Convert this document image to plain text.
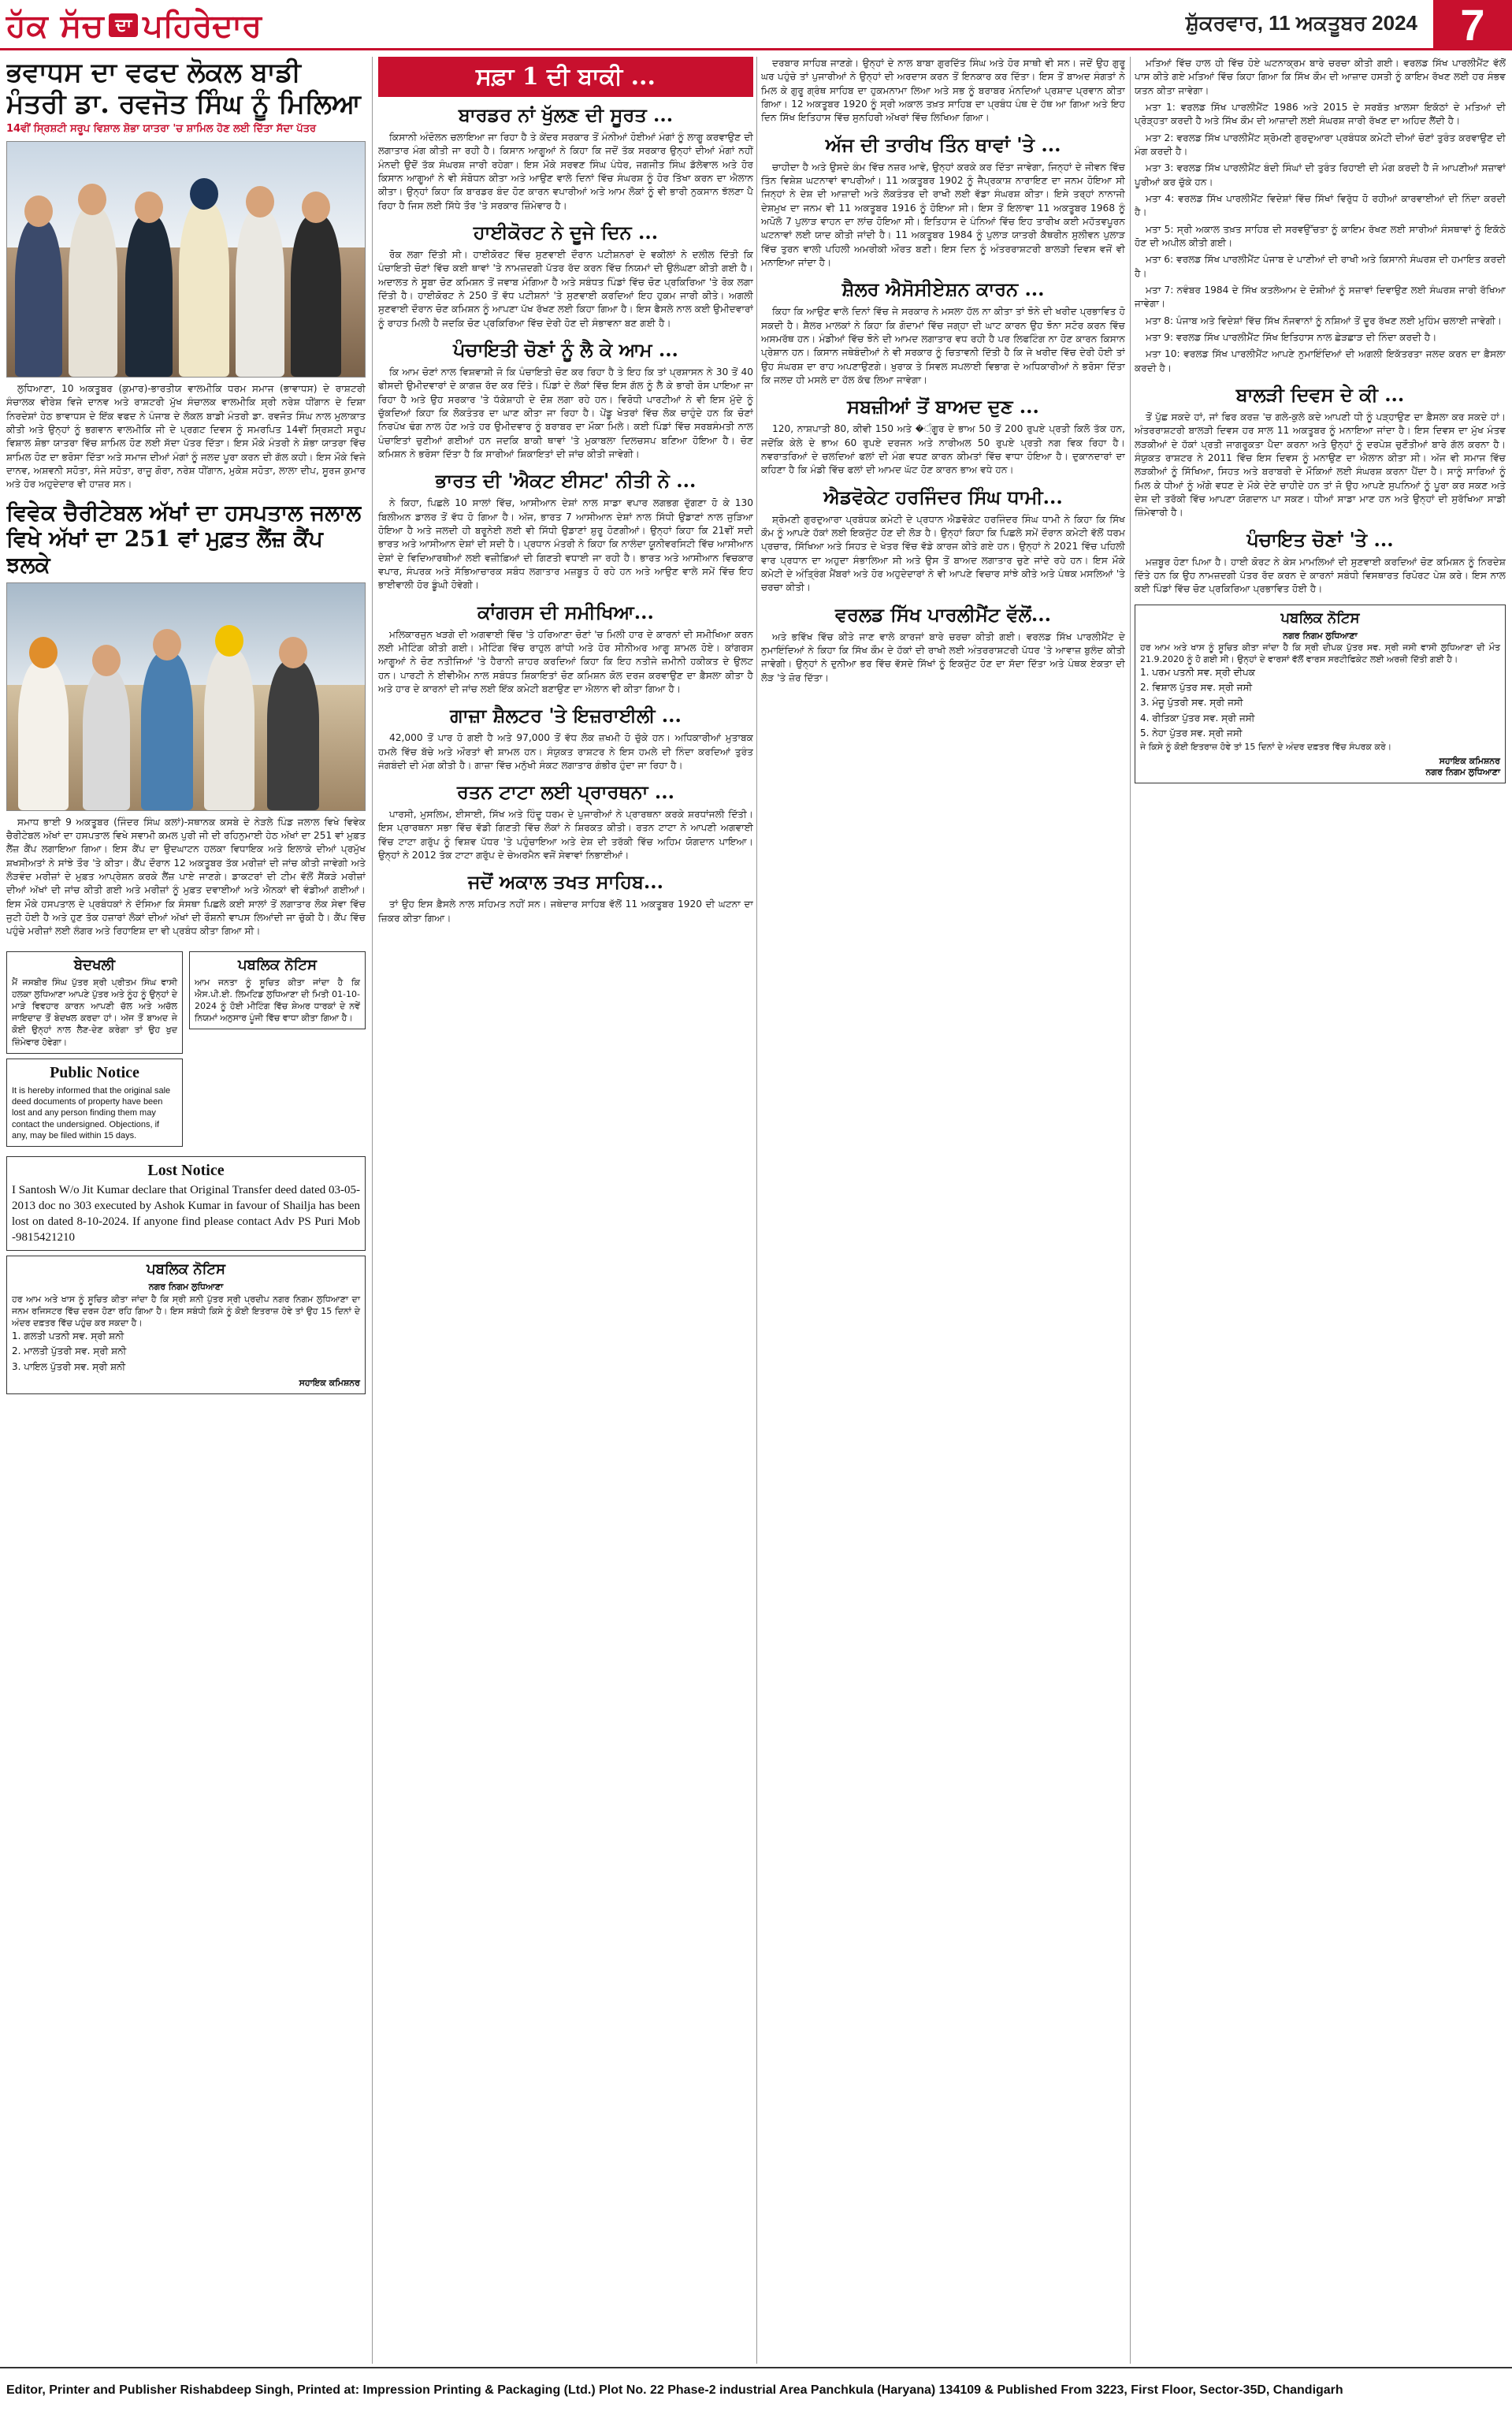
ਹੱਕ ਸੱਚ ਦਾ ਪਹਿਰੇਦਾਰ	ਸ਼ੁੱਕਰਵਾਰ, 11 ਅਕਤੂਬਰ 2024 7
ਭਵਾਧਸ ਦਾ ਵਫਦ ਲੋਕਲ ਬਾਡੀ
ਮੰਤਰੀ ਡਾ. ਰਵਜੋਤ ਸਿੰਘ ਨੂੰ ਮਿਲਿਆ
14ਵੀਂ ਸ੍ਰਿਸ਼ਟੀ ਸਰੂਪ ਵਿਸ਼ਾਲ ਸ਼ੋਭਾ ਯਾਤਰਾ 'ਚ ਸ਼ਾਮਿਲ ਹੋਣ ਲਈ ਦਿੱਤਾ ਸੱਦਾ ਪੱਤਰ

ਲੁਧਿਆਣਾ, 10 ਅਕਤੂਬਰ (ਕੁਮਾਰ)-ਭਾਰਤੀਯ ਵਾਲਮੀਕਿ ਧਰਮ ਸਮਾਜ (ਭਾਵਾਧਸ) ਦੇ ਰਾਸ਼ਟਰੀ ਸੰਚਾਲਕ ਵੀਰੇਸ਼ ਵਿਜੇ ਦਾਨਵ ਅਤੇ ਰਾਸ਼ਟਰੀ ਮੁੱਖ ਸੰਚਾਲਕ ਵਾਲਮੀਕਿ ਸ਼੍ਰੀ ਨਰੇਸ਼ ਧੀਂਗਾਨ ਦੇ ਦਿਸ਼ਾ ਨਿਰਦੇਸ਼ਾਂ ਹੇਠ ਭਾਵਾਧਸ ਦੇ ਇੱਕ ਵਫਦ ਨੇ ਪੰਜਾਬ ਦੇ ਲੋਕਲ ਬਾਡੀ ਮੰਤਰੀ ਡਾ. ਰਵਜੋਤ ਸਿੰਘ ਨਾਲ ਮੁਲਾਕਾਤ ਕੀਤੀ ਅਤੇ ਉਨ੍ਹਾਂ ਨੂੰ ਭਗਵਾਨ ਵਾਲਮੀਕਿ ਜੀ ਦੇ ਪ੍ਰਗਟ ਦਿਵਸ ਨੂੰ ਸਮਰਪਿਤ 14ਵੀਂ ਸ੍ਰਿਸ਼ਟੀ ਸਰੂਪ ਵਿਸ਼ਾਲ ਸ਼ੋਭਾ ਯਾਤਰਾ ਵਿੱਚ ਸ਼ਾਮਿਲ ਹੋਣ ਲਈ ਸੱਦਾ ਪੱਤਰ ਦਿੱਤਾ। ਇਸ ਮੌਕੇ ਮੰਤਰੀ ਨੇ ਸ਼ੋਭਾ ਯਾਤਰਾ ਵਿੱਚ ਸ਼ਾਮਿਲ ਹੋਣ ਦਾ ਭਰੋਸਾ ਦਿੱਤਾ ਅਤੇ ਸਮਾਜ ਦੀਆਂ ਮੰਗਾਂ ਨੂੰ ਜਲਦ ਪੂਰਾ ਕਰਨ ਦੀ ਗੱਲ ਕਹੀ। ਇਸ ਮੌਕੇ ਵਿਜੇ ਦਾਨਵ, ਅਸ਼ਵਨੀ ਸਹੋਤਾ, ਸੰਜੇ ਸਹੋਤਾ, ਰਾਜੂ ਗੋਰਾ, ਨਰੇਸ਼ ਧੀਂਗਾਨ, ਮੁਕੇਸ਼ ਸਹੋਤਾ, ਲਾਲਾ ਦੀਪ, ਸੂਰਜ ਕੁਮਾਰ ਅਤੇ ਹੋਰ ਅਹੁਦੇਦਾਰ ਵੀ ਹਾਜ਼ਰ ਸਨ।

ਵਿਵੇਕ ਚੈਰੀਟੇਬਲ ਅੱਖਾਂ ਦਾ ਹਸਪਤਾਲ ਜਲਾਲ
ਵਿਖੇ ਅੱਖਾਂ ਦਾ 251 ਵਾਂ ਮੁਫ਼ਤ ਲੈਂਜ਼ ਕੈਂਪ ਝਲਕੇ

ਸਮਾਧ ਭਾਈ 9 ਅਕਤੂਬਰ (ਜਿੰਦਰ ਸਿੰਘ ਕਲਾਂ)-ਸਥਾਨਕ ਕਸਬੇ ਦੇ ਨੇੜਲੇ ਪਿੰਡ ਜਲਾਲ ਵਿਖੇ ਵਿਵੇਕ ਚੈਰੀਟੇਬਲ ਅੱਖਾਂ ਦਾ ਹਸਪਤਾਲ ਵਿਖੇ ਸਵਾਮੀ ਕਮਲ ਪੁਰੀ ਜੀ ਦੀ ਰਹਿਨੁਮਾਈ ਹੇਠ ਅੱਖਾਂ ਦਾ 251 ਵਾਂ ਮੁਫ਼ਤ ਲੈਂਜ਼ ਕੈਂਪ ਲਗਾਇਆ ਗਿਆ। ਇਸ ਕੈਂਪ ਦਾ ਉਦਘਾਟਨ ਹਲਕਾ ਵਿਧਾਇਕ ਅਤੇ ਇਲਾਕੇ ਦੀਆਂ ਪ੍ਰਮੁੱਖ ਸ਼ਖਸੀਅਤਾਂ ਨੇ ਸਾਂਝੇ ਤੌਰ 'ਤੇ ਕੀਤਾ। ਕੈਂਪ ਦੌਰਾਨ 12 ਅਕਤੂਬਰ ਤੱਕ ਮਰੀਜ਼ਾਂ ਦੀ ਜਾਂਚ ਕੀਤੀ ਜਾਵੇਗੀ ਅਤੇ ਲੋੜਵੰਦ ਮਰੀਜ਼ਾਂ ਦੇ ਮੁਫ਼ਤ ਆਪ੍ਰੇਸ਼ਨ ਕਰਕੇ ਲੈਂਜ਼ ਪਾਏ ਜਾਣਗੇ। ਡਾਕਟਰਾਂ ਦੀ ਟੀਮ ਵੱਲੋਂ ਸੈਂਕੜੇ ਮਰੀਜ਼ਾਂ ਦੀਆਂ ਅੱਖਾਂ ਦੀ ਜਾਂਚ ਕੀਤੀ ਗਈ ਅਤੇ ਮਰੀਜ਼ਾਂ ਨੂੰ ਮੁਫ਼ਤ ਦਵਾਈਆਂ ਅਤੇ ਐਨਕਾਂ ਵੀ ਵੰਡੀਆਂ ਗਈਆਂ। ਇਸ ਮੌਕੇ ਹਸਪਤਾਲ ਦੇ ਪ੍ਰਬੰਧਕਾਂ ਨੇ ਦੱਸਿਆ ਕਿ ਸੰਸਥਾ ਪਿਛਲੇ ਕਈ ਸਾਲਾਂ ਤੋਂ ਲਗਾਤਾਰ ਲੋਕ ਸੇਵਾ ਵਿੱਚ ਜੁਟੀ ਹੋਈ ਹੈ ਅਤੇ ਹੁਣ ਤੱਕ ਹਜ਼ਾਰਾਂ ਲੋਕਾਂ ਦੀਆਂ ਅੱਖਾਂ ਦੀ ਰੌਸ਼ਨੀ ਵਾਪਸ ਲਿਆਂਦੀ ਜਾ ਚੁੱਕੀ ਹੈ। ਕੈਂਪ ਵਿੱਚ ਪਹੁੰਚੇ ਮਰੀਜ਼ਾਂ ਲਈ ਲੰਗਰ ਅਤੇ ਰਿਹਾਇਸ਼ ਦਾ ਵੀ ਪ੍ਰਬੰਧ ਕੀਤਾ ਗਿਆ ਸੀ।

ਬੇਦਖਲੀ
ਮੈਂ ਜਸਬੀਰ ਸਿੰਘ ਪੁੱਤਰ ਸ਼੍ਰੀ ਪ੍ਰੀਤਮ ਸਿੰਘ ਵਾਸੀ ਹਲਕਾ ਲੁਧਿਆਣਾ ਆਪਣੇ ਪੁੱਤਰ ਅਤੇ ਨੂੰਹ ਨੂੰ ਉਨ੍ਹਾਂ ਦੇ ਮਾੜੇ ਵਿਵਹਾਰ ਕਾਰਨ ਆਪਣੀ ਚੱਲ ਅਤੇ ਅਚੱਲ ਜਾਇਦਾਦ ਤੋਂ ਬੇਦਖਲ ਕਰਦਾ ਹਾਂ। ਅੱਜ ਤੋਂ ਬਾਅਦ ਜੇ ਕੋਈ ਉਨ੍ਹਾਂ ਨਾਲ ਲੈਣ-ਦੇਣ ਕਰੇਗਾ ਤਾਂ ਉਹ ਖੁਦ ਜ਼ਿੰਮੇਵਾਰ ਹੋਵੇਗਾ।
Public Notice
It is hereby informed that the original sale deed documents of property have been lost and any person finding them may contact the undersigned. Objections, if any, may be filed within 15 days.
ਪਬਲਿਕ ਨੋਟਿਸ
ਆਮ ਜਨਤਾ ਨੂੰ ਸੂਚਿਤ ਕੀਤਾ ਜਾਂਦਾ ਹੈ ਕਿ ਐਸ.ਪੀ.ਈ. ਲਿਮਟਿਡ ਲੁਧਿਆਣਾ ਦੀ ਮਿਤੀ 01-10-2024 ਨੂੰ ਹੋਈ ਮੀਟਿੰਗ ਵਿੱਚ ਸ਼ੇਅਰ ਧਾਰਕਾਂ ਦੇ ਨਵੇਂ ਨਿਯਮਾਂ ਅਨੁਸਾਰ ਪੂੰਜੀ ਵਿੱਚ ਵਾਧਾ ਕੀਤਾ ਗਿਆ ਹੈ।
Lost Notice
I Santosh W/o Jit Kumar declare that Original Transfer deed dated 03-05-2013 doc no 303 executed by Ashok Kumar in favour of Shailja has been lost on dated 8-10-2024. If anyone find please contact Adv PS Puri Mob -9815421210
ਪਬਲਿਕ ਨੋਟਿਸ
ਨਗਰ ਨਿਗਮ ਲੁਧਿਆਣਾ
ਹਰ ਆਮ ਅਤੇ ਖਾਸ ਨੂੰ ਸੂਚਿਤ ਕੀਤਾ ਜਾਂਦਾ ਹੈ ਕਿ ਸ੍ਰੀ ਸ਼ਨੀ ਪੁੱਤਰ ਸ੍ਰੀ ਪ੍ਰਦੀਪ ਨਗਰ ਨਿਗਮ ਲੁਧਿਆਣਾ ਦਾ ਜਨਮ ਰਜਿਸਟਰ ਵਿੱਚ ਦਰਜ ਹੋਣਾ ਰਹਿ ਗਿਆ ਹੈ। ਇਸ ਸਬੰਧੀ ਕਿਸੇ ਨੂੰ ਕੋਈ ਇਤਰਾਜ਼ ਹੋਵੇ ਤਾਂ ਉਹ 15 ਦਿਨਾਂ ਦੇ ਅੰਦਰ ਦਫ਼ਤਰ ਵਿੱਚ ਪਹੁੰਚ ਕਰ ਸਕਦਾ ਹੈ।
1. ਗਲਤੀ ਪਤਨੀ ਸਵ. ਸ੍ਰੀ ਸ਼ਨੀ
2. ਮਾਲਤੀ ਪੁੱਤਰੀ ਸਵ. ਸ੍ਰੀ ਸ਼ਨੀ
3. ਪਾਇਲ ਪੁੱਤਰੀ ਸਵ. ਸ੍ਰੀ ਸ਼ਨੀ
ਸਹਾਇਕ ਕਮਿਸ਼ਨਰ
ਸਫ਼ਾ 1 ਦੀ ਬਾਕੀ ...
ਬਾਰਡਰ ਨਾਂ ਖੁੱਲਣ ਦੀ ਸੂਰਤ ...

ਕਿਸਾਨੀ ਅੰਦੋਲਨ ਚਲਾਇਆ ਜਾ ਰਿਹਾ ਹੈ ਤੇ ਕੇਂਦਰ ਸਰਕਾਰ ਤੋਂ ਮੰਨੀਆਂ ਹੋਈਆਂ ਮੰਗਾਂ ਨੂੰ ਲਾਗੂ ਕਰਵਾਉਣ ਦੀ ਲਗਾਤਾਰ ਮੰਗ ਕੀਤੀ ਜਾ ਰਹੀ ਹੈ। ਕਿਸਾਨ ਆਗੂਆਂ ਨੇ ਕਿਹਾ ਕਿ ਜਦੋਂ ਤੱਕ ਸਰਕਾਰ ਉਨ੍ਹਾਂ ਦੀਆਂ ਮੰਗਾਂ ਨਹੀਂ ਮੰਨਦੀ ਉਦੋਂ ਤੱਕ ਸੰਘਰਸ਼ ਜਾਰੀ ਰਹੇਗਾ। ਇਸ ਮੌਕੇ ਸਰਵਣ ਸਿੰਘ ਪੰਧੇਰ, ਜਗਜੀਤ ਸਿੰਘ ਡੱਲੇਵਾਲ ਅਤੇ ਹੋਰ ਕਿਸਾਨ ਆਗੂਆਂ ਨੇ ਵੀ ਸੰਬੋਧਨ ਕੀਤਾ ਅਤੇ ਆਉਣ ਵਾਲੇ ਦਿਨਾਂ ਵਿੱਚ ਸੰਘਰਸ਼ ਨੂੰ ਹੋਰ ਤਿੱਖਾ ਕਰਨ ਦਾ ਐਲਾਨ ਕੀਤਾ। ਉਨ੍ਹਾਂ ਕਿਹਾ ਕਿ ਬਾਰਡਰ ਬੰਦ ਹੋਣ ਕਾਰਨ ਵਪਾਰੀਆਂ ਅਤੇ ਆਮ ਲੋਕਾਂ ਨੂੰ ਵੀ ਭਾਰੀ ਨੁਕਸਾਨ ਝੱਲਣਾ ਪੈ ਰਿਹਾ ਹੈ ਜਿਸ ਲਈ ਸਿੱਧੇ ਤੌਰ 'ਤੇ ਸਰਕਾਰ ਜ਼ਿੰਮੇਵਾਰ ਹੈ।

ਹਾਈਕੋਰਟ ਨੇ ਦੂਜੇ ਦਿਨ ...

ਰੋਕ ਲਗਾ ਦਿੱਤੀ ਸੀ। ਹਾਈਕੋਰਟ ਵਿੱਚ ਸੁਣਵਾਈ ਦੌਰਾਨ ਪਟੀਸ਼ਨਰਾਂ ਦੇ ਵਕੀਲਾਂ ਨੇ ਦਲੀਲ ਦਿੱਤੀ ਕਿ ਪੰਚਾਇਤੀ ਚੋਣਾਂ ਵਿੱਚ ਕਈ ਥਾਵਾਂ 'ਤੇ ਨਾਮਜ਼ਦਗੀ ਪੱਤਰ ਰੱਦ ਕਰਨ ਵਿੱਚ ਨਿਯਮਾਂ ਦੀ ਉਲੰਘਣਾ ਕੀਤੀ ਗਈ ਹੈ। ਅਦਾਲਤ ਨੇ ਸੂਬਾ ਚੋਣ ਕਮਿਸ਼ਨ ਤੋਂ ਜਵਾਬ ਮੰਗਿਆ ਹੈ ਅਤੇ ਸਬੰਧਤ ਪਿੰਡਾਂ ਵਿੱਚ ਚੋਣ ਪ੍ਰਕਿਰਿਆ 'ਤੇ ਰੋਕ ਲਗਾ ਦਿੱਤੀ ਹੈ। ਹਾਈਕੋਰਟ ਨੇ 250 ਤੋਂ ਵੱਧ ਪਟੀਸ਼ਨਾਂ 'ਤੇ ਸੁਣਵਾਈ ਕਰਦਿਆਂ ਇਹ ਹੁਕਮ ਜਾਰੀ ਕੀਤੇ। ਅਗਲੀ ਸੁਣਵਾਈ ਦੌਰਾਨ ਚੋਣ ਕਮਿਸ਼ਨ ਨੂੰ ਆਪਣਾ ਪੱਖ ਰੱਖਣ ਲਈ ਕਿਹਾ ਗਿਆ ਹੈ। ਇਸ ਫੈਸਲੇ ਨਾਲ ਕਈ ਉਮੀਦਵਾਰਾਂ ਨੂੰ ਰਾਹਤ ਮਿਲੀ ਹੈ ਜਦਕਿ ਚੋਣ ਪ੍ਰਕਿਰਿਆ ਵਿੱਚ ਦੇਰੀ ਹੋਣ ਦੀ ਸੰਭਾਵਨਾ ਬਣ ਗਈ ਹੈ।

ਪੰਚਾਇਤੀ ਚੋਣਾਂ ਨੂੰ ਲੈ ਕੇ ਆਮ ...

ਕਿ ਆਮ ਚੋਣਾਂ ਨਾਲ ਵਿਸ਼ਵਾਸ਼ੀ ਜੋ ਕਿ ਪੰਚਾਇਤੀ ਚੋਣ ਕਰ ਰਿਹਾ ਹੈ ਤੇ ਇਹ ਕਿ ਤਾਂ ਪ੍ਰਸ਼ਾਸਨ ਨੇ 30 ਤੋਂ 40 ਫੀਸਦੀ ਉਮੀਦਵਾਰਾਂ ਦੇ ਕਾਗਜ਼ ਰੱਦ ਕਰ ਦਿੱਤੇ। ਪਿੰਡਾਂ ਦੇ ਲੋਕਾਂ ਵਿੱਚ ਇਸ ਗੱਲ ਨੂੰ ਲੈ ਕੇ ਭਾਰੀ ਰੋਸ ਪਾਇਆ ਜਾ ਰਿਹਾ ਹੈ ਅਤੇ ਉਹ ਸਰਕਾਰ 'ਤੇ ਧੱਕੇਸ਼ਾਹੀ ਦੇ ਦੋਸ਼ ਲਗਾ ਰਹੇ ਹਨ। ਵਿਰੋਧੀ ਪਾਰਟੀਆਂ ਨੇ ਵੀ ਇਸ ਮੁੱਦੇ ਨੂੰ ਚੁੱਕਦਿਆਂ ਕਿਹਾ ਕਿ ਲੋਕਤੰਤਰ ਦਾ ਘਾਣ ਕੀਤਾ ਜਾ ਰਿਹਾ ਹੈ। ਪੇਂਡੂ ਖੇਤਰਾਂ ਵਿੱਚ ਲੋਕ ਚਾਹੁੰਦੇ ਹਨ ਕਿ ਚੋਣਾਂ ਨਿਰਪੱਖ ਢੰਗ ਨਾਲ ਹੋਣ ਅਤੇ ਹਰ ਉਮੀਦਵਾਰ ਨੂੰ ਬਰਾਬਰ ਦਾ ਮੌਕਾ ਮਿਲੇ। ਕਈ ਪਿੰਡਾਂ ਵਿੱਚ ਸਰਬਸੰਮਤੀ ਨਾਲ ਪੰਚਾਇਤਾਂ ਚੁਣੀਆਂ ਗਈਆਂ ਹਨ ਜਦਕਿ ਬਾਕੀ ਥਾਵਾਂ 'ਤੇ ਮੁਕਾਬਲਾ ਦਿਲਚਸਪ ਬਣਿਆ ਹੋਇਆ ਹੈ। ਚੋਣ ਕਮਿਸ਼ਨ ਨੇ ਭਰੋਸਾ ਦਿੱਤਾ ਹੈ ਕਿ ਸਾਰੀਆਂ ਸ਼ਿਕਾਇਤਾਂ ਦੀ ਜਾਂਚ ਕੀਤੀ ਜਾਵੇਗੀ।

ਭਾਰਤ ਦੀ 'ਐਕਟ ਈਸਟ' ਨੀਤੀ ਨੇ ...

ਨੇ ਕਿਹਾ, ਪਿਛਲੇ 10 ਸਾਲਾਂ ਵਿੱਚ, ਆਸੀਆਨ ਦੇਸ਼ਾਂ ਨਾਲ ਸਾਡਾ ਵਪਾਰ ਲਗਭਗ ਦੁੱਗਣਾ ਹੋ ਕੇ 130 ਬਿਲੀਅਨ ਡਾਲਰ ਤੋਂ ਵੱਧ ਹੋ ਗਿਆ ਹੈ। ਅੱਜ, ਭਾਰਤ 7 ਆਸੀਆਨ ਦੇਸ਼ਾਂ ਨਾਲ ਸਿੱਧੀ ਉਡਾਣਾਂ ਨਾਲ ਜੁੜਿਆ ਹੋਇਆ ਹੈ ਅਤੇ ਜਲਦੀ ਹੀ ਬਰੂਨੇਈ ਲਈ ਵੀ ਸਿੱਧੀ ਉਡਾਣਾਂ ਸ਼ੁਰੂ ਹੋਣਗੀਆਂ। ਉਨ੍ਹਾਂ ਕਿਹਾ ਕਿ 21ਵੀਂ ਸਦੀ ਭਾਰਤ ਅਤੇ ਆਸੀਆਨ ਦੇਸ਼ਾਂ ਦੀ ਸਦੀ ਹੈ। ਪ੍ਰਧਾਨ ਮੰਤਰੀ ਨੇ ਕਿਹਾ ਕਿ ਨਾਲੰਦਾ ਯੂਨੀਵਰਸਿਟੀ ਵਿੱਚ ਆਸੀਆਨ ਦੇਸ਼ਾਂ ਦੇ ਵਿਦਿਆਰਥੀਆਂ ਲਈ ਵਜ਼ੀਫ਼ਿਆਂ ਦੀ ਗਿਣਤੀ ਵਧਾਈ ਜਾ ਰਹੀ ਹੈ। ਭਾਰਤ ਅਤੇ ਆਸੀਆਨ ਵਿਚਕਾਰ ਵਪਾਰ, ਸੰਪਰਕ ਅਤੇ ਸੱਭਿਆਚਾਰਕ ਸਬੰਧ ਲਗਾਤਾਰ ਮਜ਼ਬੂਤ ਹੋ ਰਹੇ ਹਨ ਅਤੇ ਆਉਣ ਵਾਲੇ ਸਮੇਂ ਵਿੱਚ ਇਹ ਭਾਈਵਾਲੀ ਹੋਰ ਡੂੰਘੀ ਹੋਵੇਗੀ।

ਕਾਂਗਰਸ ਦੀ ਸਮੀਖਿਆ...

ਮਲਿਕਾਰਜੁਨ ਖੜਗੇ ਦੀ ਅਗਵਾਈ ਵਿੱਚ 'ਤੇ ਹਰਿਆਣਾ ਚੋਣਾਂ 'ਚ ਮਿਲੀ ਹਾਰ ਦੇ ਕਾਰਨਾਂ ਦੀ ਸਮੀਖਿਆ ਕਰਨ ਲਈ ਮੀਟਿੰਗ ਕੀਤੀ ਗਈ। ਮੀਟਿੰਗ ਵਿੱਚ ਰਾਹੁਲ ਗਾਂਧੀ ਅਤੇ ਹੋਰ ਸੀਨੀਅਰ ਆਗੂ ਸ਼ਾਮਲ ਹੋਏ। ਕਾਂਗਰਸ ਆਗੂਆਂ ਨੇ ਚੋਣ ਨਤੀਜਿਆਂ 'ਤੇ ਹੈਰਾਨੀ ਜ਼ਾਹਰ ਕਰਦਿਆਂ ਕਿਹਾ ਕਿ ਇਹ ਨਤੀਜੇ ਜ਼ਮੀਨੀ ਹਕੀਕਤ ਦੇ ਉਲਟ ਹਨ। ਪਾਰਟੀ ਨੇ ਈਵੀਐਮ ਨਾਲ ਸਬੰਧਤ ਸ਼ਿਕਾਇਤਾਂ ਚੋਣ ਕਮਿਸ਼ਨ ਕੋਲ ਦਰਜ ਕਰਵਾਉਣ ਦਾ ਫ਼ੈਸਲਾ ਕੀਤਾ ਹੈ ਅਤੇ ਹਾਰ ਦੇ ਕਾਰਨਾਂ ਦੀ ਜਾਂਚ ਲਈ ਇੱਕ ਕਮੇਟੀ ਬਣਾਉਣ ਦਾ ਐਲਾਨ ਵੀ ਕੀਤਾ ਗਿਆ ਹੈ।

ਗਾਜ਼ਾ ਸ਼ੈਲਟਰ 'ਤੇ ਇਜ਼ਰਾਈਲੀ ...

42,000 ਤੋਂ ਪਾਰ ਹੋ ਗਈ ਹੈ ਅਤੇ 97,000 ਤੋਂ ਵੱਧ ਲੋਕ ਜ਼ਖਮੀ ਹੋ ਚੁੱਕੇ ਹਨ। ਅਧਿਕਾਰੀਆਂ ਮੁਤਾਬਕ ਹਮਲੇ ਵਿੱਚ ਬੱਚੇ ਅਤੇ ਔਰਤਾਂ ਵੀ ਸ਼ਾਮਲ ਹਨ। ਸੰਯੁਕਤ ਰਾਸ਼ਟਰ ਨੇ ਇਸ ਹਮਲੇ ਦੀ ਨਿੰਦਾ ਕਰਦਿਆਂ ਤੁਰੰਤ ਜੰਗਬੰਦੀ ਦੀ ਮੰਗ ਕੀਤੀ ਹੈ। ਗਾਜ਼ਾ ਵਿੱਚ ਮਨੁੱਖੀ ਸੰਕਟ ਲਗਾਤਾਰ ਗੰਭੀਰ ਹੁੰਦਾ ਜਾ ਰਿਹਾ ਹੈ।

ਰਤਨ ਟਾਟਾ ਲਈ ਪ੍ਰਾਰਥਨਾ ...

ਪਾਰਸੀ, ਮੁਸਲਿਮ, ਈਸਾਈ, ਸਿੱਖ ਅਤੇ ਹਿੰਦੂ ਧਰਮ ਦੇ ਪੁਜਾਰੀਆਂ ਨੇ ਪ੍ਰਾਰਥਨਾ ਕਰਕੇ ਸ਼ਰਧਾਂਜਲੀ ਦਿੱਤੀ। ਇਸ ਪ੍ਰਾਰਥਨਾ ਸਭਾ ਵਿੱਚ ਵੱਡੀ ਗਿਣਤੀ ਵਿੱਚ ਲੋਕਾਂ ਨੇ ਸ਼ਿਰਕਤ ਕੀਤੀ। ਰਤਨ ਟਾਟਾ ਨੇ ਆਪਣੀ ਅਗਵਾਈ ਵਿੱਚ ਟਾਟਾ ਗਰੁੱਪ ਨੂੰ ਵਿਸ਼ਵ ਪੱਧਰ 'ਤੇ ਪਹੁੰਚਾਇਆ ਅਤੇ ਦੇਸ਼ ਦੀ ਤਰੱਕੀ ਵਿੱਚ ਅਹਿਮ ਯੋਗਦਾਨ ਪਾਇਆ। ਉਨ੍ਹਾਂ ਨੇ 2012 ਤੱਕ ਟਾਟਾ ਗਰੁੱਪ ਦੇ ਚੇਅਰਮੈਨ ਵਜੋਂ ਸੇਵਾਵਾਂ ਨਿਭਾਈਆਂ।

ਜਦੋਂ ਅਕਾਲ ਤਖਤ ਸਾਹਿਬ...

ਤਾਂ ਉਹ ਇਸ ਫ਼ੈਸਲੇ ਨਾਲ ਸਹਿਮਤ ਨਹੀਂ ਸਨ। ਜਥੇਦਾਰ ਸਾਹਿਬ ਵੱਲੋਂ 11 ਅਕਤੂਬਰ 1920 ਦੀ ਘਟਨਾ ਦਾ ਜ਼ਿਕਰ ਕੀਤਾ ਗਿਆ।

ਦਰਬਾਰ ਸਾਹਿਬ ਜਾਣਗੇ। ਉਨ੍ਹਾਂ ਦੇ ਨਾਲ ਬਾਬਾ ਗੁਰਦਿੱਤ ਸਿੰਘ ਅਤੇ ਹੋਰ ਸਾਥੀ ਵੀ ਸਨ। ਜਦੋਂ ਉਹ ਗੁਰੂ ਘਰ ਪਹੁੰਚੇ ਤਾਂ ਪੁਜਾਰੀਆਂ ਨੇ ਉਨ੍ਹਾਂ ਦੀ ਅਰਦਾਸ ਕਰਨ ਤੋਂ ਇਨਕਾਰ ਕਰ ਦਿੱਤਾ। ਇਸ ਤੋਂ ਬਾਅਦ ਸੰਗਤਾਂ ਨੇ ਮਿਲ ਕੇ ਗੁਰੂ ਗ੍ਰੰਥ ਸਾਹਿਬ ਦਾ ਹੁਕਮਨਾਮਾ ਲਿਆ ਅਤੇ ਸਭ ਨੂੰ ਬਰਾਬਰ ਮੰਨਦਿਆਂ ਪ੍ਰਸ਼ਾਦ ਪ੍ਰਵਾਨ ਕੀਤਾ ਗਿਆ। 12 ਅਕਤੂਬਰ 1920 ਨੂੰ ਸ੍ਰੀ ਅਕਾਲ ਤਖ਼ਤ ਸਾਹਿਬ ਦਾ ਪ੍ਰਬੰਧ ਪੰਥ ਦੇ ਹੱਥ ਆ ਗਿਆ ਅਤੇ ਇਹ ਦਿਨ ਸਿੱਖ ਇਤਿਹਾਸ ਵਿੱਚ ਸੁਨਹਿਰੀ ਅੱਖਰਾਂ ਵਿੱਚ ਲਿਖਿਆ ਗਿਆ।

ਅੱਜ ਦੀ ਤਾਰੀਖ ਤਿੰਨ ਥਾਵਾਂ 'ਤੇ ...

ਚਾਹੀਦਾ ਹੈ ਅਤੇ ਉਸਦੇ ਕੰਮ ਵਿੱਚ ਨਜ਼ਰ ਆਵੇ, ਉਨ੍ਹਾਂ ਕਰਕੇ ਕਰ ਦਿੱਤਾ ਜਾਵੇਗਾ, ਜਿਨ੍ਹਾਂ ਦੇ ਜੀਵਨ ਵਿੱਚ ਤਿੰਨ ਵਿਸ਼ੇਸ਼ ਘਟਨਾਵਾਂ ਵਾਪਰੀਆਂ। 11 ਅਕਤੂਬਰ 1902 ਨੂੰ ਜੈਪ੍ਰਕਾਸ਼ ਨਾਰਾਇਣ ਦਾ ਜਨਮ ਹੋਇਆ ਸੀ ਜਿਨ੍ਹਾਂ ਨੇ ਦੇਸ਼ ਦੀ ਆਜ਼ਾਦੀ ਅਤੇ ਲੋਕਤੰਤਰ ਦੀ ਰਾਖੀ ਲਈ ਵੱਡਾ ਸੰਘਰਸ਼ ਕੀਤਾ। ਇਸੇ ਤਰ੍ਹਾਂ ਨਾਨਾਜੀ ਦੇਸ਼ਮੁਖ ਦਾ ਜਨਮ ਵੀ 11 ਅਕਤੂਬਰ 1916 ਨੂੰ ਹੋਇਆ ਸੀ। ਇਸ ਤੋਂ ਇਲਾਵਾ 11 ਅਕਤੂਬਰ 1968 ਨੂੰ ਅਪੋਲੋ 7 ਪੁਲਾੜ ਵਾਹਨ ਦਾ ਲਾਂਚ ਹੋਇਆ ਸੀ। ਇਤਿਹਾਸ ਦੇ ਪੰਨਿਆਂ ਵਿੱਚ ਇਹ ਤਾਰੀਖ ਕਈ ਮਹੱਤਵਪੂਰਨ ਘਟਨਾਵਾਂ ਲਈ ਯਾਦ ਕੀਤੀ ਜਾਂਦੀ ਹੈ। 11 ਅਕਤੂਬਰ 1984 ਨੂੰ ਪੁਲਾੜ ਯਾਤਰੀ ਕੈਥਰੀਨ ਸੁਲੀਵਨ ਪੁਲਾੜ ਵਿੱਚ ਤੁਰਨ ਵਾਲੀ ਪਹਿਲੀ ਅਮਰੀਕੀ ਔਰਤ ਬਣੀ। ਇਸ ਦਿਨ ਨੂੰ ਅੰਤਰਰਾਸ਼ਟਰੀ ਬਾਲੜੀ ਦਿਵਸ ਵਜੋਂ ਵੀ ਮਨਾਇਆ ਜਾਂਦਾ ਹੈ।

ਸ਼ੈਲਰ ਐਸੋਸੀਏਸ਼ਨ ਕਾਰਨ ...

ਕਿਹਾ ਕਿ ਆਉਣ ਵਾਲੇ ਦਿਨਾਂ ਵਿੱਚ ਜੇ ਸਰਕਾਰ ਨੇ ਮਸਲਾ ਹੱਲ ਨਾ ਕੀਤਾ ਤਾਂ ਝੋਨੇ ਦੀ ਖਰੀਦ ਪ੍ਰਭਾਵਿਤ ਹੋ ਸਕਦੀ ਹੈ। ਸ਼ੈਲਰ ਮਾਲਕਾਂ ਨੇ ਕਿਹਾ ਕਿ ਗੋਦਾਮਾਂ ਵਿੱਚ ਜਗ੍ਹਾ ਦੀ ਘਾਟ ਕਾਰਨ ਉਹ ਝੋਨਾ ਸਟੋਰ ਕਰਨ ਵਿੱਚ ਅਸਮਰੱਥ ਹਨ। ਮੰਡੀਆਂ ਵਿੱਚ ਝੋਨੇ ਦੀ ਆਮਦ ਲਗਾਤਾਰ ਵਧ ਰਹੀ ਹੈ ਪਰ ਲਿਫਟਿੰਗ ਨਾ ਹੋਣ ਕਾਰਨ ਕਿਸਾਨ ਪ੍ਰੇਸ਼ਾਨ ਹਨ। ਕਿਸਾਨ ਜਥੇਬੰਦੀਆਂ ਨੇ ਵੀ ਸਰਕਾਰ ਨੂੰ ਚਿਤਾਵਨੀ ਦਿੱਤੀ ਹੈ ਕਿ ਜੇ ਖਰੀਦ ਵਿੱਚ ਦੇਰੀ ਹੋਈ ਤਾਂ ਉਹ ਸੰਘਰਸ਼ ਦਾ ਰਾਹ ਅਪਣਾਉਣਗੇ। ਖੁਰਾਕ ਤੇ ਸਿਵਲ ਸਪਲਾਈ ਵਿਭਾਗ ਦੇ ਅਧਿਕਾਰੀਆਂ ਨੇ ਭਰੋਸਾ ਦਿੱਤਾ ਕਿ ਜਲਦ ਹੀ ਮਸਲੇ ਦਾ ਹੱਲ ਕੱਢ ਲਿਆ ਜਾਵੇਗਾ।

ਸਬਜ਼ੀਆਂ ਤੋਂ ਬਾਅਦ ਦੁਣ ...

120, ਨਾਸ਼ਪਾਤੀ 80, ਕੀਵੀ 150 ਅਤੇ �਼ੰਗੂਰ ਦੇ ਭਾਅ 50 ਤੋਂ 200 ਰੁਪਏ ਪ੍ਰਤੀ ਕਿਲੋ ਤੱਕ ਹਨ, ਜਦੋਂਕਿ ਕੇਲੇ ਦੇ ਭਾਅ 60 ਰੁਪਏ ਦਰਜਨ ਅਤੇ ਨਾਰੀਅਲ 50 ਰੁਪਏ ਪ੍ਰਤੀ ਨਗ ਵਿਕ ਰਿਹਾ ਹੈ। ਨਵਰਾਤਰਿਆਂ ਦੇ ਚਲਦਿਆਂ ਫਲਾਂ ਦੀ ਮੰਗ ਵਧਣ ਕਾਰਨ ਕੀਮਤਾਂ ਵਿੱਚ ਵਾਧਾ ਹੋਇਆ ਹੈ। ਦੁਕਾਨਦਾਰਾਂ ਦਾ ਕਹਿਣਾ ਹੈ ਕਿ ਮੰਡੀ ਵਿੱਚ ਫਲਾਂ ਦੀ ਆਮਦ ਘੱਟ ਹੋਣ ਕਾਰਨ ਭਾਅ ਵਧੇ ਹਨ।

ਐਡਵੋਕੇਟ ਹਰਜਿੰਦਰ ਸਿੰਘ ਧਾਮੀ...

ਸ਼੍ਰੋਮਣੀ ਗੁਰਦੁਆਰਾ ਪ੍ਰਬੰਧਕ ਕਮੇਟੀ ਦੇ ਪ੍ਰਧਾਨ ਐਡਵੋਕੇਟ ਹਰਜਿੰਦਰ ਸਿੰਘ ਧਾਮੀ ਨੇ ਕਿਹਾ ਕਿ ਸਿੱਖ ਕੌਮ ਨੂੰ ਆਪਣੇ ਹੱਕਾਂ ਲਈ ਇਕਜੁੱਟ ਹੋਣ ਦੀ ਲੋੜ ਹੈ। ਉਨ੍ਹਾਂ ਕਿਹਾ ਕਿ ਪਿਛਲੇ ਸਮੇਂ ਦੌਰਾਨ ਕਮੇਟੀ ਵੱਲੋਂ ਧਰਮ ਪ੍ਰਚਾਰ, ਸਿੱਖਿਆ ਅਤੇ ਸਿਹਤ ਦੇ ਖੇਤਰ ਵਿੱਚ ਵੱਡੇ ਕਾਰਜ ਕੀਤੇ ਗਏ ਹਨ। ਉਨ੍ਹਾਂ ਨੇ 2021 ਵਿੱਚ ਪਹਿਲੀ ਵਾਰ ਪ੍ਰਧਾਨ ਦਾ ਅਹੁਦਾ ਸੰਭਾਲਿਆ ਸੀ ਅਤੇ ਉਸ ਤੋਂ ਬਾਅਦ ਲਗਾਤਾਰ ਚੁਣੇ ਜਾਂਦੇ ਰਹੇ ਹਨ। ਇਸ ਮੌਕੇ ਕਮੇਟੀ ਦੇ ਅੰਤ੍ਰਿੰਗ ਮੈਂਬਰਾਂ ਅਤੇ ਹੋਰ ਅਹੁਦੇਦਾਰਾਂ ਨੇ ਵੀ ਆਪਣੇ ਵਿਚਾਰ ਸਾਂਝੇ ਕੀਤੇ ਅਤੇ ਪੰਥਕ ਮਸਲਿਆਂ 'ਤੇ ਚਰਚਾ ਕੀਤੀ।

ਵਰਲਡ ਸਿੱਖ ਪਾਰਲੀਮੈਂਟ ਵੱਲੋਂ...

ਅਤੇ ਭਵਿੱਖ ਵਿੱਚ ਕੀਤੇ ਜਾਣ ਵਾਲੇ ਕਾਰਜਾਂ ਬਾਰੇ ਚਰਚਾ ਕੀਤੀ ਗਈ। ਵਰਲਡ ਸਿੱਖ ਪਾਰਲੀਮੈਂਟ ਦੇ ਨੁਮਾਇੰਦਿਆਂ ਨੇ ਕਿਹਾ ਕਿ ਸਿੱਖ ਕੌਮ ਦੇ ਹੱਕਾਂ ਦੀ ਰਾਖੀ ਲਈ ਅੰਤਰਰਾਸ਼ਟਰੀ ਪੱਧਰ 'ਤੇ ਆਵਾਜ਼ ਬੁਲੰਦ ਕੀਤੀ ਜਾਵੇਗੀ। ਉਨ੍ਹਾਂ ਨੇ ਦੁਨੀਆ ਭਰ ਵਿੱਚ ਵੱਸਦੇ ਸਿੱਖਾਂ ਨੂੰ ਇਕਜੁੱਟ ਹੋਣ ਦਾ ਸੱਦਾ ਦਿੱਤਾ ਅਤੇ ਪੰਥਕ ਏਕਤਾ ਦੀ ਲੋੜ 'ਤੇ ਜ਼ੋਰ ਦਿੱਤਾ।

ਮਤਿਆਂ ਵਿੱਚ ਹਾਲ ਹੀ ਵਿੱਚ ਹੋਏ ਘਟਨਾਕ੍ਰਮ ਬਾਰੇ ਚਰਚਾ ਕੀਤੀ ਗਈ। ਵਰਲਡ ਸਿੱਖ ਪਾਰਲੀਮੈਂਟ ਵੱਲੋਂ ਪਾਸ ਕੀਤੇ ਗਏ ਮਤਿਆਂ ਵਿੱਚ ਕਿਹਾ ਗਿਆ ਕਿ ਸਿੱਖ ਕੌਮ ਦੀ ਆਜ਼ਾਦ ਹਸਤੀ ਨੂੰ ਕਾਇਮ ਰੱਖਣ ਲਈ ਹਰ ਸੰਭਵ ਯਤਨ ਕੀਤਾ ਜਾਵੇਗਾ।

ਮਤਾ 1: ਵਰਲਡ ਸਿੱਖ ਪਾਰਲੀਮੈਂਟ 1986 ਅਤੇ 2015 ਦੇ ਸਰਬੱਤ ਖ਼ਾਲਸਾ ਇਕੱਠਾਂ ਦੇ ਮਤਿਆਂ ਦੀ ਪ੍ਰੋੜ੍ਹਤਾ ਕਰਦੀ ਹੈ ਅਤੇ ਸਿੱਖ ਕੌਮ ਦੀ ਆਜ਼ਾਦੀ ਲਈ ਸੰਘਰਸ਼ ਜਾਰੀ ਰੱਖਣ ਦਾ ਅਹਿਦ ਲੈਂਦੀ ਹੈ।

ਮਤਾ 2: ਵਰਲਡ ਸਿੱਖ ਪਾਰਲੀਮੈਂਟ ਸ਼੍ਰੋਮਣੀ ਗੁਰਦੁਆਰਾ ਪ੍ਰਬੰਧਕ ਕਮੇਟੀ ਦੀਆਂ ਚੋਣਾਂ ਤੁਰੰਤ ਕਰਵਾਉਣ ਦੀ ਮੰਗ ਕਰਦੀ ਹੈ।

ਮਤਾ 3: ਵਰਲਡ ਸਿੱਖ ਪਾਰਲੀਮੈਂਟ ਬੰਦੀ ਸਿੰਘਾਂ ਦੀ ਤੁਰੰਤ ਰਿਹਾਈ ਦੀ ਮੰਗ ਕਰਦੀ ਹੈ ਜੋ ਆਪਣੀਆਂ ਸਜ਼ਾਵਾਂ ਪੂਰੀਆਂ ਕਰ ਚੁੱਕੇ ਹਨ।

ਮਤਾ 4: ਵਰਲਡ ਸਿੱਖ ਪਾਰਲੀਮੈਂਟ ਵਿਦੇਸ਼ਾਂ ਵਿੱਚ ਸਿੱਖਾਂ ਵਿਰੁੱਧ ਹੋ ਰਹੀਆਂ ਕਾਰਵਾਈਆਂ ਦੀ ਨਿੰਦਾ ਕਰਦੀ ਹੈ।

ਮਤਾ 5: ਸ੍ਰੀ ਅਕਾਲ ਤਖ਼ਤ ਸਾਹਿਬ ਦੀ ਸਰਵਉੱਚਤਾ ਨੂੰ ਕਾਇਮ ਰੱਖਣ ਲਈ ਸਾਰੀਆਂ ਸੰਸਥਾਵਾਂ ਨੂੰ ਇਕੱਠੇ ਹੋਣ ਦੀ ਅਪੀਲ ਕੀਤੀ ਗਈ।

ਮਤਾ 6: ਵਰਲਡ ਸਿੱਖ ਪਾਰਲੀਮੈਂਟ ਪੰਜਾਬ ਦੇ ਪਾਣੀਆਂ ਦੀ ਰਾਖੀ ਅਤੇ ਕਿਸਾਨੀ ਸੰਘਰਸ਼ ਦੀ ਹਮਾਇਤ ਕਰਦੀ ਹੈ।

ਮਤਾ 7: ਨਵੰਬਰ 1984 ਦੇ ਸਿੱਖ ਕਤਲੇਆਮ ਦੇ ਦੋਸ਼ੀਆਂ ਨੂੰ ਸਜ਼ਾਵਾਂ ਦਿਵਾਉਣ ਲਈ ਸੰਘਰਸ਼ ਜਾਰੀ ਰੱਖਿਆ ਜਾਵੇਗਾ।

ਮਤਾ 8: ਪੰਜਾਬ ਅਤੇ ਵਿਦੇਸ਼ਾਂ ਵਿੱਚ ਸਿੱਖ ਨੌਜਵਾਨਾਂ ਨੂੰ ਨਸ਼ਿਆਂ ਤੋਂ ਦੂਰ ਰੱਖਣ ਲਈ ਮੁਹਿੰਮ ਚਲਾਈ ਜਾਵੇਗੀ।

ਮਤਾ 9: ਵਰਲਡ ਸਿੱਖ ਪਾਰਲੀਮੈਂਟ ਸਿੱਖ ਇਤਿਹਾਸ ਨਾਲ ਛੇੜਛਾੜ ਦੀ ਨਿੰਦਾ ਕਰਦੀ ਹੈ।

ਮਤਾ 10: ਵਰਲਡ ਸਿੱਖ ਪਾਰਲੀਮੈਂਟ ਆਪਣੇ ਨੁਮਾਇੰਦਿਆਂ ਦੀ ਅਗਲੀ ਇਕੱਤਰਤਾ ਜਲਦ ਕਰਨ ਦਾ ਫ਼ੈਸਲਾ ਕਰਦੀ ਹੈ।

ਬਾਲੜੀ ਦਿਵਸ ਦੇ ਕੀ ...

ਤੋਂ ਪੁੱਛ ਸਕਦੇ ਹਾਂ, ਜਾਂ ਫਿਰ ਕਰਜ਼ 'ਚ ਗਲੇ-ਕੁਲੇ ਕਦੇ ਆਪਣੀ ਧੀ ਨੂੰ ਪੜ੍ਹਾਉਣ ਦਾ ਫ਼ੈਸਲਾ ਕਰ ਸਕਦੇ ਹਾਂ। ਅੰਤਰਰਾਸ਼ਟਰੀ ਬਾਲੜੀ ਦਿਵਸ ਹਰ ਸਾਲ 11 ਅਕਤੂਬਰ ਨੂੰ ਮਨਾਇਆ ਜਾਂਦਾ ਹੈ। ਇਸ ਦਿਵਸ ਦਾ ਮੁੱਖ ਮੰਤਵ ਲੜਕੀਆਂ ਦੇ ਹੱਕਾਂ ਪ੍ਰਤੀ ਜਾਗਰੂਕਤਾ ਪੈਦਾ ਕਰਨਾ ਅਤੇ ਉਨ੍ਹਾਂ ਨੂੰ ਦਰਪੇਸ਼ ਚੁਣੌਤੀਆਂ ਬਾਰੇ ਗੱਲ ਕਰਨਾ ਹੈ। ਸੰਯੁਕਤ ਰਾਸ਼ਟਰ ਨੇ 2011 ਵਿੱਚ ਇਸ ਦਿਵਸ ਨੂੰ ਮਨਾਉਣ ਦਾ ਐਲਾਨ ਕੀਤਾ ਸੀ। ਅੱਜ ਵੀ ਸਮਾਜ ਵਿੱਚ ਲੜਕੀਆਂ ਨੂੰ ਸਿੱਖਿਆ, ਸਿਹਤ ਅਤੇ ਬਰਾਬਰੀ ਦੇ ਮੌਕਿਆਂ ਲਈ ਸੰਘਰਸ਼ ਕਰਨਾ ਪੈਂਦਾ ਹੈ। ਸਾਨੂੰ ਸਾਰਿਆਂ ਨੂੰ ਮਿਲ ਕੇ ਧੀਆਂ ਨੂੰ ਅੱਗੇ ਵਧਣ ਦੇ ਮੌਕੇ ਦੇਣੇ ਚਾਹੀਦੇ ਹਨ ਤਾਂ ਜੋ ਉਹ ਆਪਣੇ ਸੁਪਨਿਆਂ ਨੂੰ ਪੂਰਾ ਕਰ ਸਕਣ ਅਤੇ ਦੇਸ਼ ਦੀ ਤਰੱਕੀ ਵਿੱਚ ਆਪਣਾ ਯੋਗਦਾਨ ਪਾ ਸਕਣ। ਧੀਆਂ ਸਾਡਾ ਮਾਣ ਹਨ ਅਤੇ ਉਨ੍ਹਾਂ ਦੀ ਸੁਰੱਖਿਆ ਸਾਡੀ ਜ਼ਿੰਮੇਵਾਰੀ ਹੈ।

ਪੰਚਾਇਤ ਚੋਣਾਂ 'ਤੇ ...

ਮਜ਼ਬੂਰ ਹੋਣਾ ਪਿਆ ਹੈ। ਹਾਈ ਕੋਰਟ ਨੇ ਕੇਸ ਮਾਮਲਿਆਂ ਦੀ ਸੁਣਵਾਈ ਕਰਦਿਆਂ ਚੋਣ ਕਮਿਸ਼ਨ ਨੂੰ ਨਿਰਦੇਸ਼ ਦਿੱਤੇ ਹਨ ਕਿ ਉਹ ਨਾਮਜ਼ਦਗੀ ਪੱਤਰ ਰੱਦ ਕਰਨ ਦੇ ਕਾਰਨਾਂ ਸਬੰਧੀ ਵਿਸਥਾਰਤ ਰਿਪੋਰਟ ਪੇਸ਼ ਕਰੇ। ਇਸ ਨਾਲ ਕਈ ਪਿੰਡਾਂ ਵਿੱਚ ਚੋਣ ਪ੍ਰਕਿਰਿਆ ਪ੍ਰਭਾਵਿਤ ਹੋਈ ਹੈ।

ਪਬਲਿਕ ਨੋਟਿਸ
ਨਗਰ ਨਿਗਮ ਲੁਧਿਆਣਾ
ਹਰ ਆਮ ਅਤੇ ਖਾਸ ਨੂੰ ਸੂਚਿਤ ਕੀਤਾ ਜਾਂਦਾ ਹੈ ਕਿ ਸ੍ਰੀ ਦੀਪਕ ਪੁੱਤਰ ਸਵ. ਸ੍ਰੀ ਜਸੀ ਵਾਸੀ ਲੁਧਿਆਣਾ ਦੀ ਮੌਤ 21.9.2020 ਨੂੰ ਹੋ ਗਈ ਸੀ। ਉਨ੍ਹਾਂ ਦੇ ਵਾਰਸਾਂ ਵੱਲੋਂ ਵਾਰਸ ਸਰਟੀਫਿਕੇਟ ਲਈ ਅਰਜ਼ੀ ਦਿੱਤੀ ਗਈ ਹੈ।
1. ਪਰਮ ਪਤਨੀ ਸਵ. ਸ੍ਰੀ ਦੀਪਕ
2. ਵਿਸ਼ਾਲ ਪੁੱਤਰ ਸਵ. ਸ੍ਰੀ ਜਸੀ
3. ਮੰਜੂ ਪੁੱਤਰੀ ਸਵ. ਸ੍ਰੀ ਜਸੀ
4. ਰੀਤਿਕਾ ਪੁੱਤਰ ਸਵ. ਸ੍ਰੀ ਜਸੀ
5. ਨੇਹਾ ਪੁੱਤਰ ਸਵ. ਸ੍ਰੀ ਜਸੀ
ਜੇ ਕਿਸੇ ਨੂੰ ਕੋਈ ਇਤਰਾਜ਼ ਹੋਵੇ ਤਾਂ 15 ਦਿਨਾਂ ਦੇ ਅੰਦਰ ਦਫ਼ਤਰ ਵਿੱਚ ਸੰਪਰਕ ਕਰੇ।
ਸਹਾਇਕ ਕਮਿਸ਼ਨਰ
ਨਗਰ ਨਿਗਮ ਲੁਧਿਆਣਾ
Editor, Printer and Publisher Rishabdeep Singh, Printed at: Impression Printing & Packaging (Ltd.) Plot No. 22 Phase-2 industrial Area Panchkula (Haryana) 134109 & Published From 3223, First Floor, Sector-35D, Chandigarh
